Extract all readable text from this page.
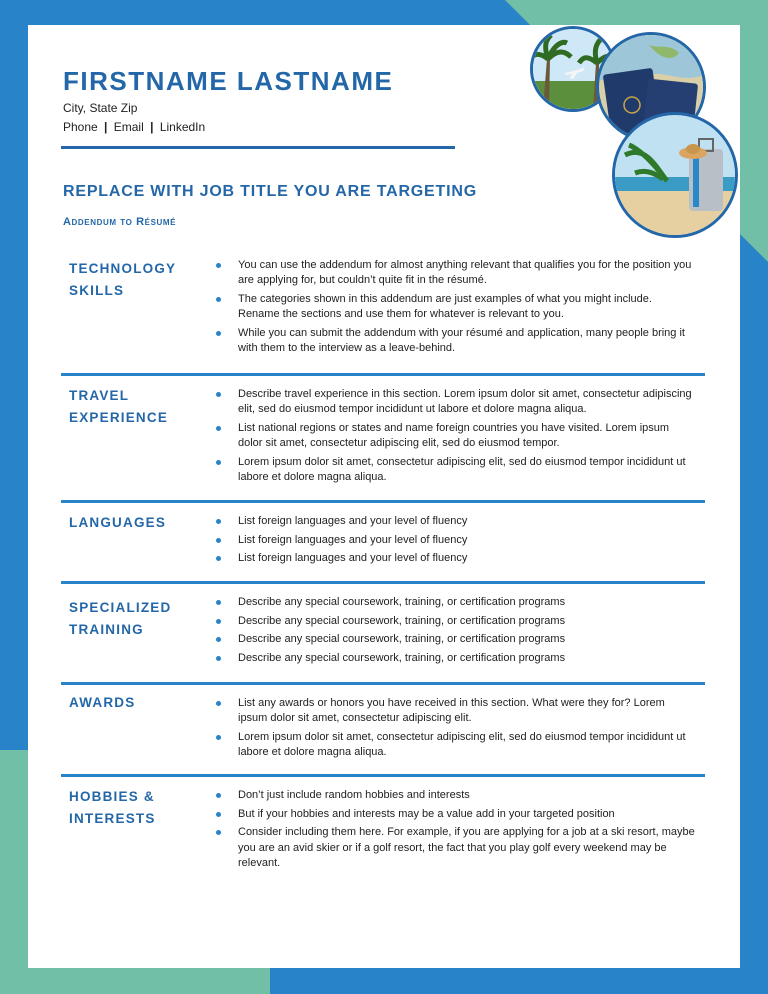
FIRSTNAME LASTNAME
City, State Zip
Phone | Email | LinkedIn
REPLACE WITH JOB TITLE YOU ARE TARGETING
Addendum to Résumé
TECHNOLOGY SKILLS
You can use the addendum for almost anything relevant that qualifies you for the position you are applying for, but couldn’t quite fit in the résumé.
The categories shown in this addendum are just examples of what you might include. Rename the sections and use them for whatever is relevant to you.
While you can submit the addendum with your résumé and application, many people bring it with them to the interview as a leave-behind.
TRAVEL EXPERIENCE
Describe travel experience in this section. Lorem ipsum dolor sit amet, consectetur adipiscing elit, sed do eiusmod tempor incididunt ut labore et dolore magna aliqua.
List national regions or states and name foreign countries you have visited. Lorem ipsum dolor sit amet, consectetur adipiscing elit, sed do eiusmod tempor.
Lorem ipsum dolor sit amet, consectetur adipiscing elit, sed do eiusmod tempor incididunt ut labore et dolore magna aliqua.
LANGUAGES	List foreign languages and your level of fluency
List foreign languages and your level of fluency
List foreign languages and your level of fluency
SPECIALIZED TRAINING
Describe any special coursework, training, or certification programs
Describe any special coursework, training, or certification programs
Describe any special coursework, training, or certification programs
Describe any special coursework, training, or certification programs
AWARDS	List any awards or honors you have received in this section. What were they for? Lorem ipsum dolor sit amet, consectetur adipiscing elit.
Lorem ipsum dolor sit amet, consectetur adipiscing elit, sed do eiusmod tempor incididunt ut labore et dolore magna aliqua.
HOBBIES & INTERESTS
Don’t just include random hobbies and interests
But if your hobbies and interests may be a value add in your targeted position
Consider including them here. For example, if you are applying for a job at a ski resort, maybe you are an avid skier or if a golf resort, the fact that you play golf every weekend may be relevant.
